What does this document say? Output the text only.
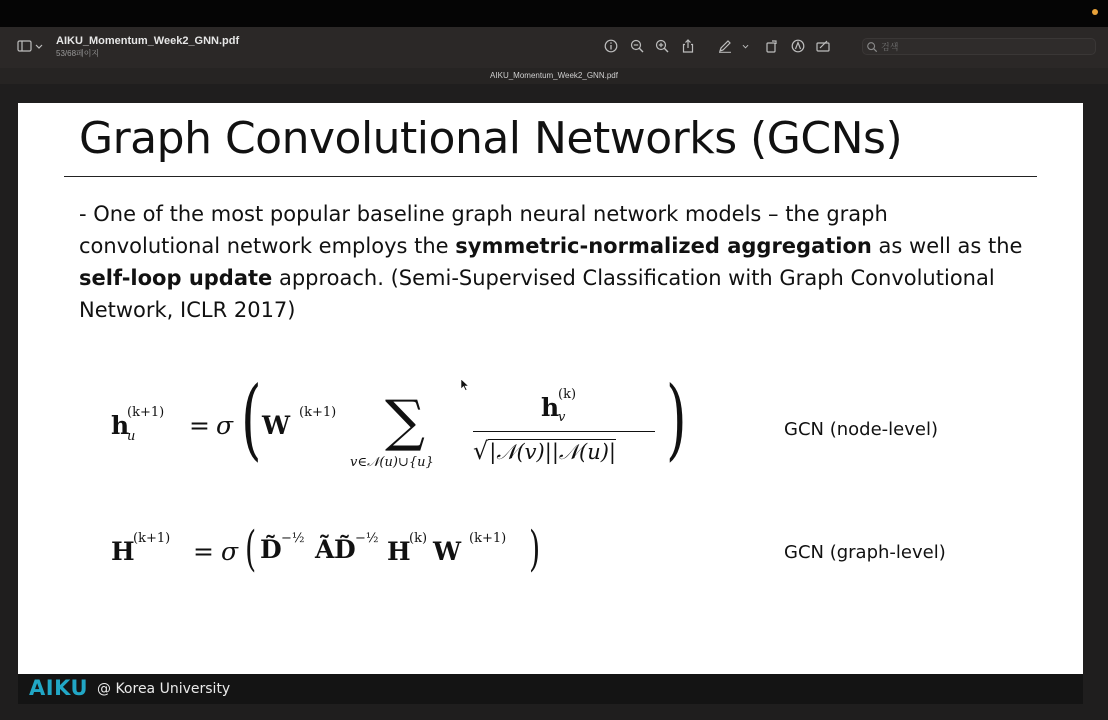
AIKU_Momentum_Week2_GNN.pdf
53/68페이지
검색
AIKU_Momentum_Week2_GNN.pdf
Graph Convolutional Networks (GCNs)
- One of the most popular baseline graph neural network models – the graph convolutional network employs the symmetric-normalized aggregation as well as the self-loop update approach. (Semi-Supervised Classification with Graph Convolutional Network, ICLR 2017)
h
(k+1)
u = σ ( W (k+1) ∑
v∈𝒩(u)∪{u}
h
(k)
v
√|𝒩(v)||𝒩(u)| )	GCN (node-level)
H
(k+1) = σ ( D̃ −½ Ã D̃ −½ H
(k) W (k+1) )	GCN (graph-level)
AIKU @ Korea University
